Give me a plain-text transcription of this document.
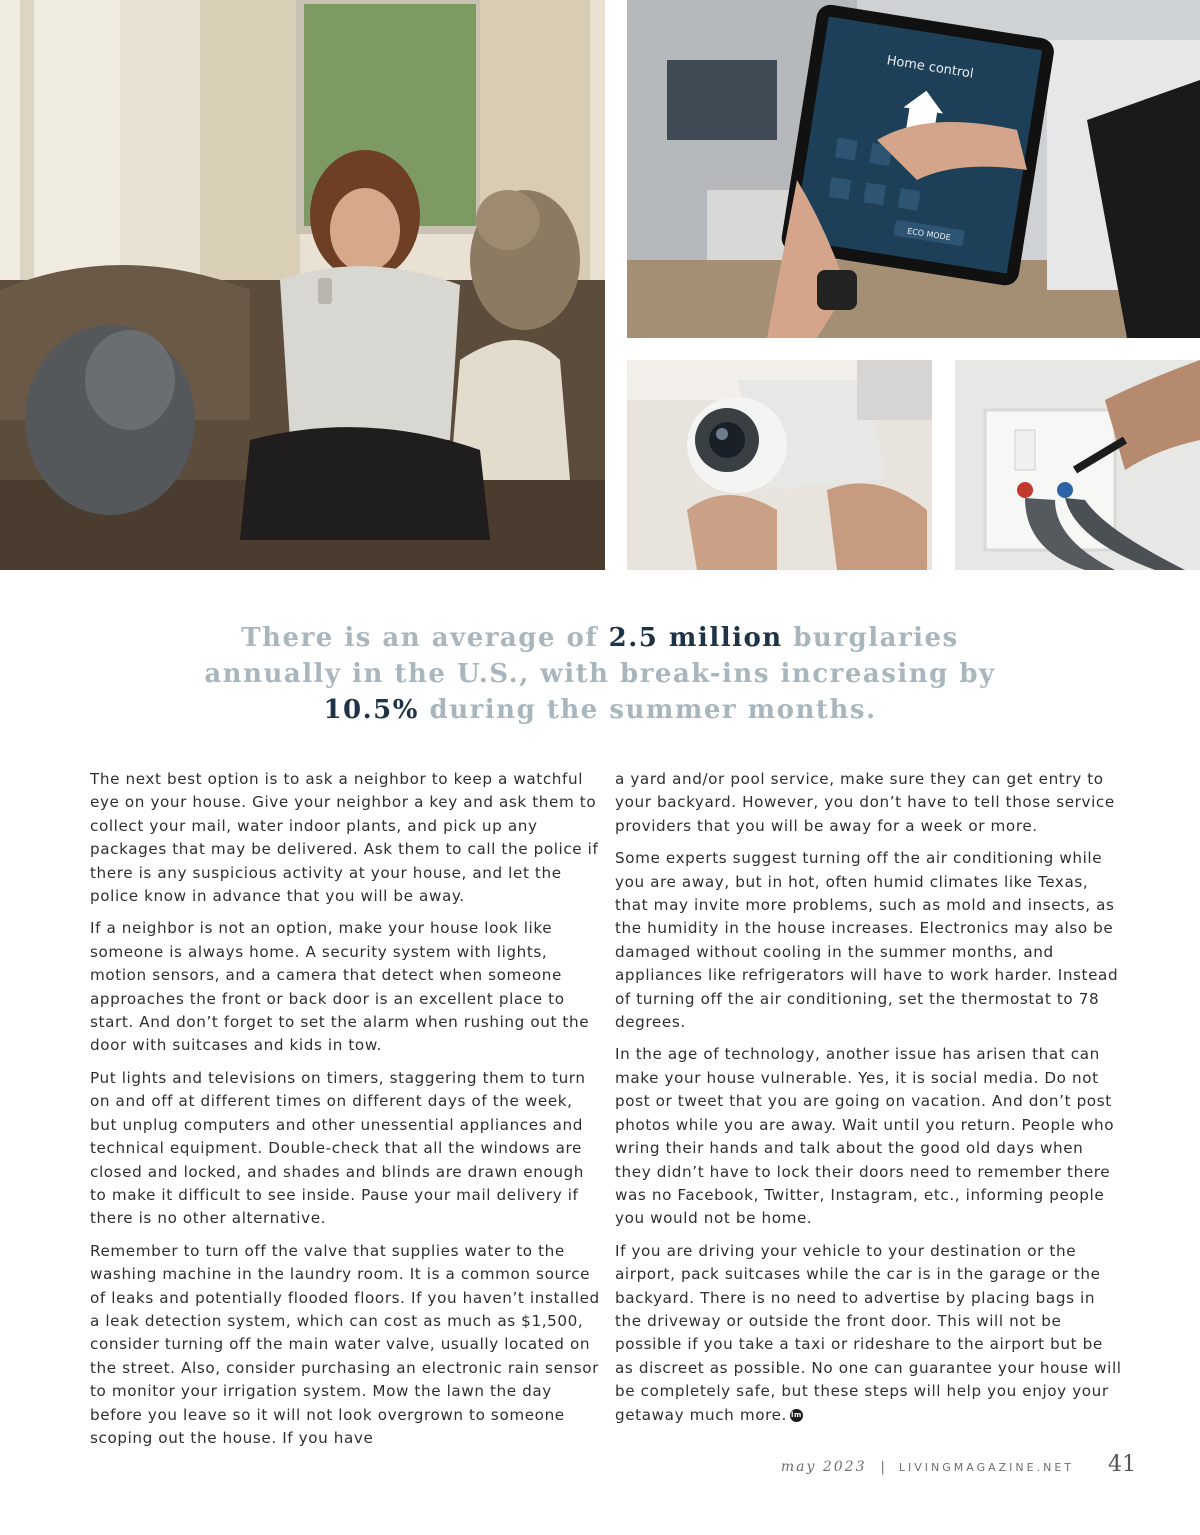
Home control
ECO MODE
There is an average of 2.5 million burglaries annually in the U.S., with break-ins increasing by 10.5% during the summer months.

The next best option is to ask a neighbor to keep a watchful eye on your house. Give your neighbor a key and ask them to collect your mail, water indoor plants, and pick up any packages that may be delivered. Ask them to call the police if there is any suspicious activity at your house, and let the police know in advance that you will be away.

If a neighbor is not an option, make your house look like someone is always home. A security system with lights, motion sensors, and a camera that detect when someone approaches the front or back door is an excellent place to start. And don’t forget to set the alarm when rushing out the door with suitcases and kids in tow.

Put lights and televisions on timers, staggering them to turn on and off at different times on different days of the week, but unplug computers and other unessential appliances and technical equipment. Double-check that all the windows are closed and locked, and shades and blinds are drawn enough to make it difficult to see inside. Pause your mail delivery if there is no other alternative.

Remember to turn off the valve that supplies water to the washing machine in the laundry room. It is a common source of leaks and potentially flooded floors. If you haven’t installed a leak detection system, which can cost as much as $1,500, consider turning off the main water valve, usually located on the street. Also, consider purchasing an electronic rain sensor to monitor your irrigation system. Mow the lawn the day before you leave so it will not look overgrown to someone scoping out the house. If you have

a yard and/or pool service, make sure they can get entry to your backyard. However, you don’t have to tell those service providers that you will be away for a week or more.

Some experts suggest turning off the air conditioning while you are away, but in hot, often humid climates like Texas, that may invite more problems, such as mold and insects, as the humidity in the house increases. Electronics may also be damaged without cooling in the summer months, and appliances like refrigerators will have to work harder. Instead of turning off the air conditioning, set the thermostat to 78 degrees.

In the age of technology, another issue has arisen that can make your house vulnerable. Yes, it is social media. Do not post or tweet that you are going on vacation. And don’t post photos while you are away. Wait until you return. People who wring their hands and talk about the good old days when they didn’t have to lock their doors need to remember there was no Facebook, Twitter, Instagram, etc., informing people you would not be home.

If you are driving your vehicle to your destination or the airport, pack suitcases while the car is in the garage or the backyard. There is no need to advertise by placing bags in the driveway or outside the front door. This will not be possible if you take a taxi or rideshare to the airport but be as discreet as possible. No one can guarantee your house will be completely safe, but these steps will help you enjoy your getaway much more. lm

may 2023 | LIVINGMAGAZINE.NET 41
